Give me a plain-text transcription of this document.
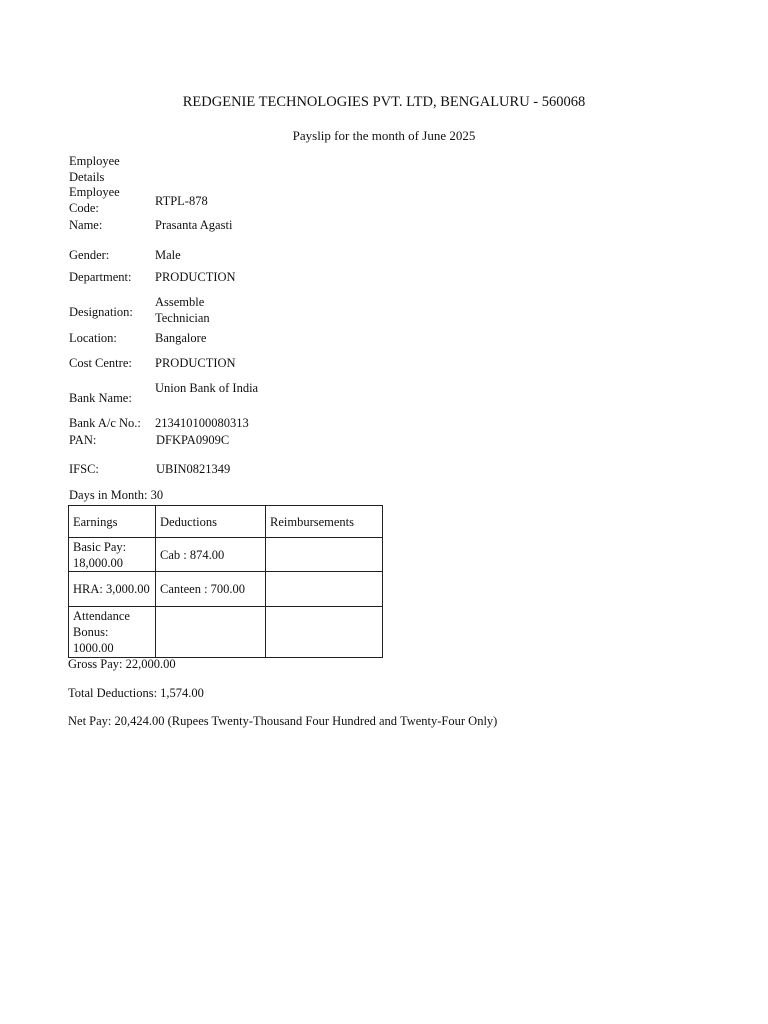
REDGENIE TECHNOLOGIES PVT. LTD, BENGALURU - 560068
Payslip for the month of June 2025
Employee Details
Employee Code:	RTPL-878
Name:	Prasanta Agasti
Gender:	Male
Department: PRODUCTION
Designation:
Assemble Technician
Location:	Bangalore
Cost Centre: PRODUCTION
Bank Name:
Union Bank of India
Bank A/c No.: 213410100080313
PAN:	DFKPA0909C
IFSC:	UBIN0821349
Days in Month: 30
Earnings	Deductions	Reimbursements
Basic Pay: 18,000.00	Cab : 874.00	
HRA: 3,000.00	Canteen : 700.00	
Attendance Bonus: 1000.00		
Gross Pay: 22,000.00
Total Deductions: 1,574.00
Net Pay: 20,424.00 (Rupees Twenty-Thousand Four Hundred and Twenty-Four Only)
